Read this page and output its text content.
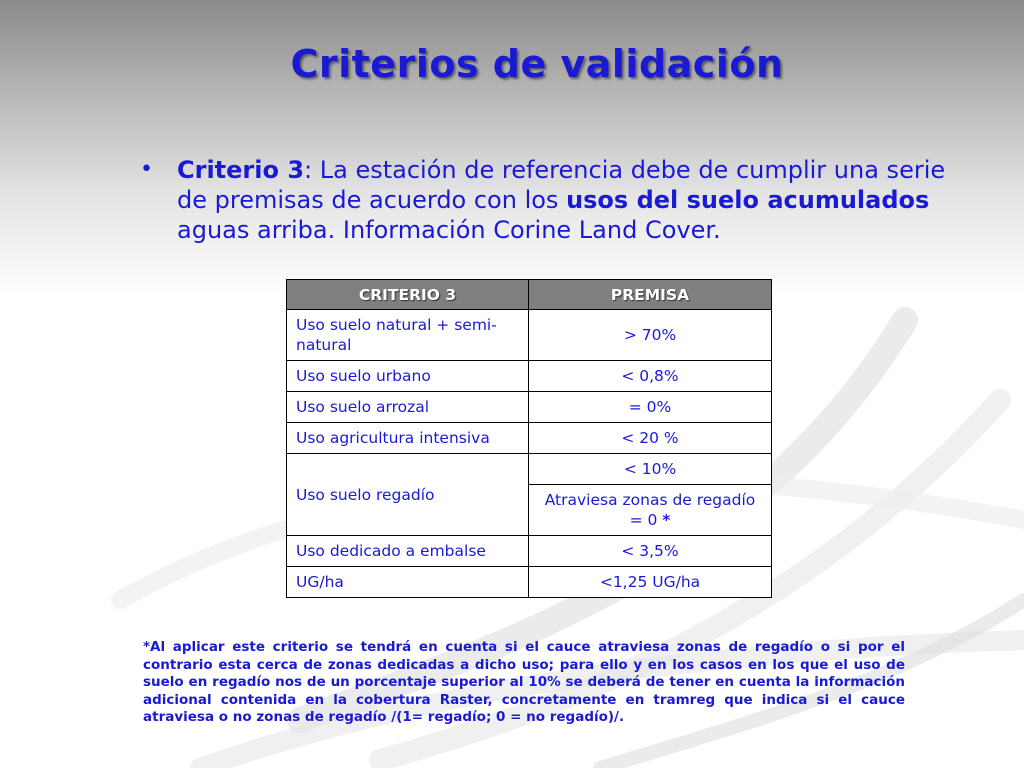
Criterios de validación
• Criterio 3: La estación de referencia debe de cumplir una serie de premisas de acuerdo con los usos del suelo acumulados aguas arriba. Información Corine Land Cover.
CRITERIO 3	PREMISA
Uso suelo natural + semi-natural	> 70%
Uso suelo urbano	< 0,8%
Uso suelo arrozal	= 0%
Uso agricultura intensiva	< 20 %
Uso suelo regadío	< 10%
	Atraviesa zonas de regadío = 0 *
Uso dedicado a embalse	< 3,5%
UG/ha	<1,25 UG/ha
*Al aplicar este criterio se tendrá en cuenta si el cauce atraviesa zonas de regadío o si por el contrario esta cerca de zonas dedicadas a dicho uso; para ello y en los casos en los que el uso de suelo en regadío nos de un porcentaje superior al 10% se deberá de tener en cuenta la información adicional contenida en la cobertura Raster, concretamente en tramreg que indica si el cauce atraviesa o no zonas de regadío /(1= regadío; 0 = no regadío)/.
